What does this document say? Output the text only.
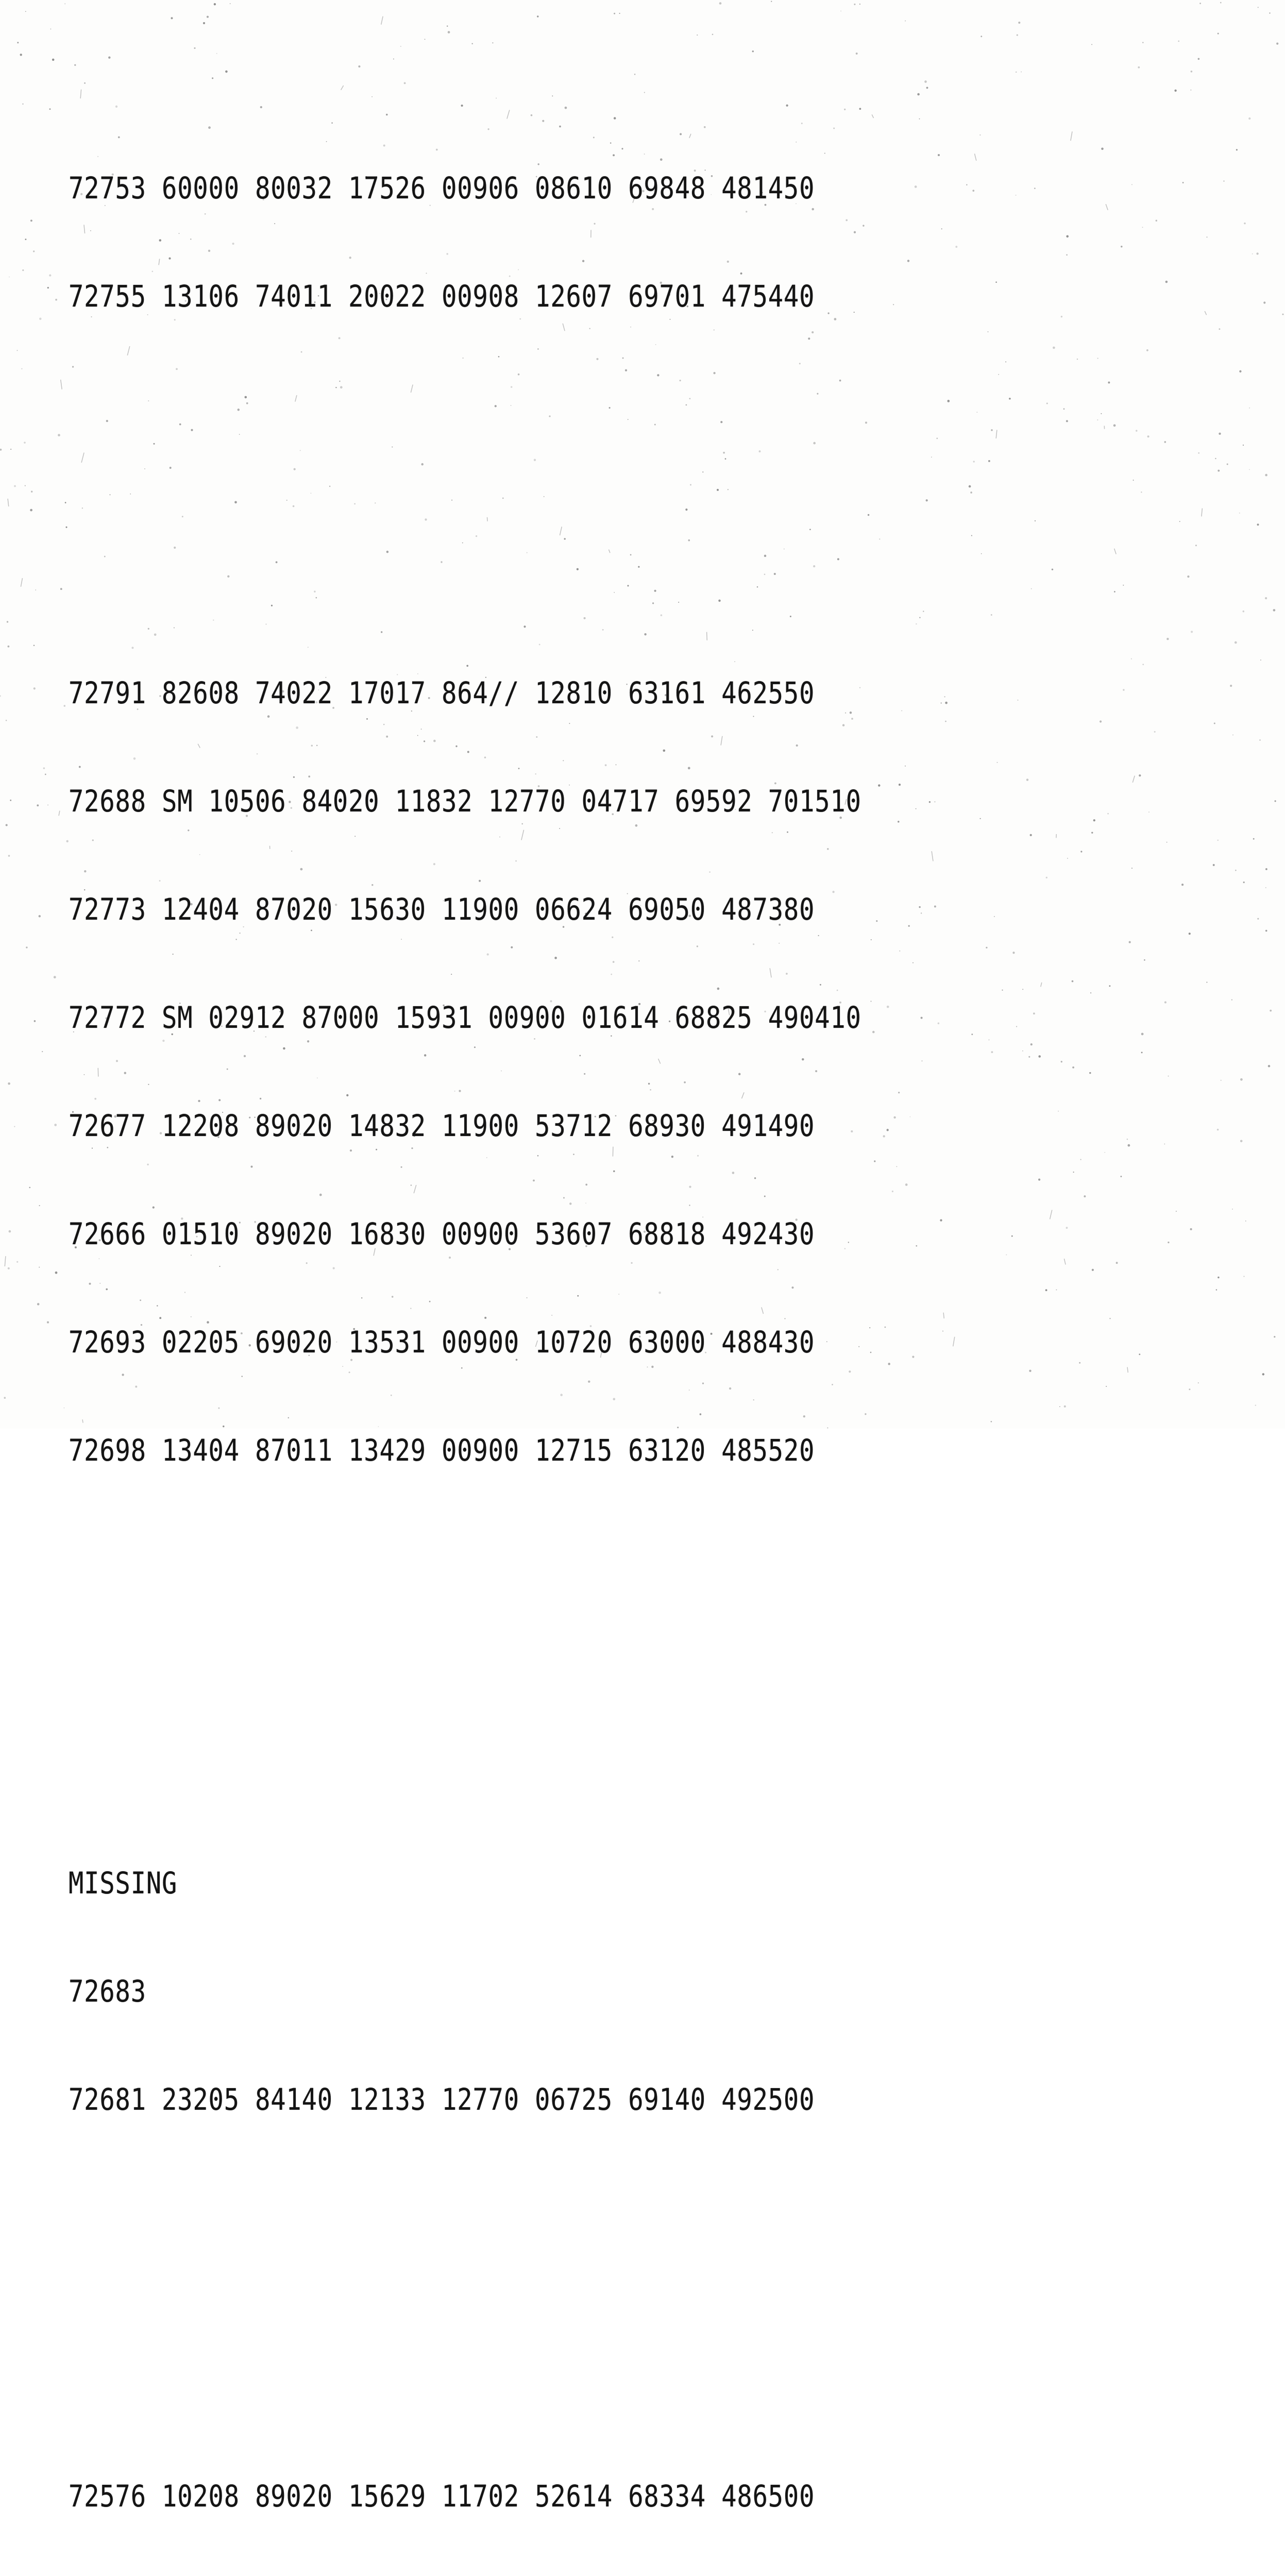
72753 60000 80032 17526 00906 08610 69848 481450

72755 13106 74011 20022 00908 12607 69701 475440

72791 82608 74022 17017 864// 12810 63161 462550

72688 SM 10506 84020 11832 12770 04717 69592 701510

72773 12404 87020 15630 11900 06624 69050 487380

72772 SM 02912 87000 15931 00900 01614 68825 490410

72677 12208 89020 14832 11900 53712 68930 491490

72666 01510 89020 16830 00900 53607 68818 492430

72693 02205 69020 13531 00900 10720 63000 488430

72698 13404 87011 13429 00900 12715 63120 485520

MISSING

72683

72681 23205 84140 12133 12770 06725 69140 492500

72576 10208 89020 15629 11702 52614 68334 486500
